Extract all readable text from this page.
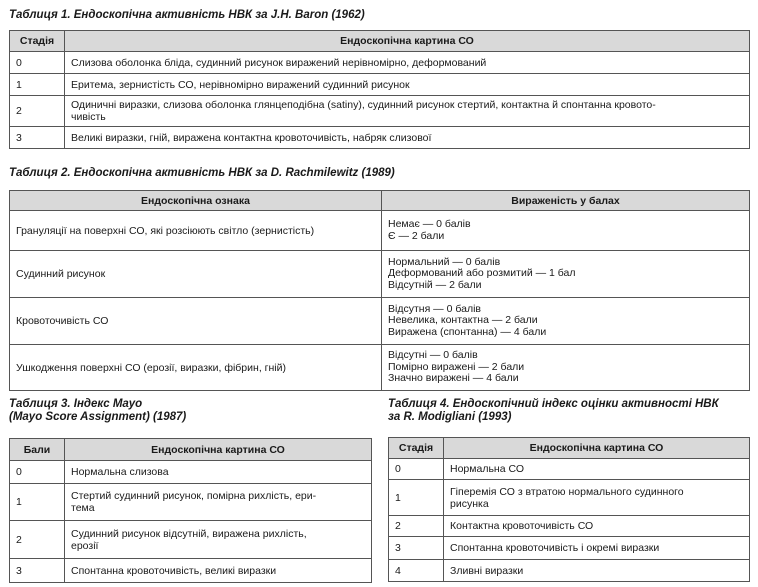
Таблиця 1. Ендоскопічна активність НВК за J.H. Baron (1962)

Стадія	Ендоскопічна картина СО
0	Слизова оболонка бліда, судинний рисунок виражений нерівномірно, деформований
1	Еритема, зернистість СО, нерівномірно виражений судинний рисунок
2	Одиничні виразки, слизова оболонка глянцеподібна (satiny), судинний рисунок стертий, контактна й спонтанна кровото-
чивість
3	Великі виразки, гній, виражена контактна кровоточивість, набряк слизової

Таблиця 2. Ендоскопічна активність НВК за D. Rachmilewitz (1989)

Ендоскопічна ознака	Вираженість у балах
Грануляції на поверхні СО, які розсіюють світло (зернистість)	Немає — 0 балів
Є — 2 бали

Судинний рисунок	Нормальний — 0 балів
Деформований або розмитий — 1 бал
Відсутній — 2 бали

Кровоточивість СО	Відсутня — 0 балів
Невелика, контактна — 2 бали
Виражена (спонтанна) — 4 бали

Ушкодження поверхні СО (ерозії, виразки, фібрин, гній)	Відсутні — 0 балів
Помірно виражені — 2 бали
Значно виражені — 4 бали

Таблиця 3. Індекс Mayo
(Mayo Score Assignment) (1987)

Бали	Ендоскопічна картина СО
0	Нормальна слизова
1	Стертий судинний рисунок, помірна рихлість, ери-
тема
2	Судинний рисунок відсутній, виражена рихлість,
ерозії
3	Спонтанна кровоточивість, великі виразки

Таблиця 4. Ендоскопічний індекс оцінки активності НВК
за R. Modigliani (1993)

Стадія	Ендоскопічна картина СО
0	Нормальна СО
1	Гіперемія СО з втратою нормального судинного
рисунка
2	Контактна кровоточивість СО
3	Спонтанна кровоточивість і окремі виразки
4	Зливні виразки
